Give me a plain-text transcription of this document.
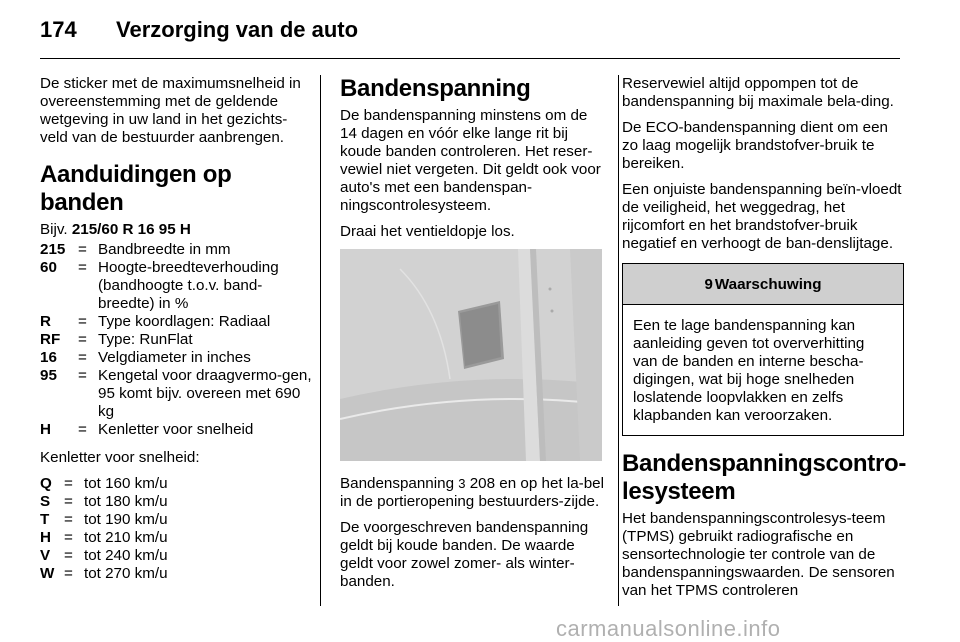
174 Verzorging van de auto

De sticker met de maximumsnelheid in overeenstemming met de geldende wetgeving in uw land in het gezichts-veld van de bestuurder aanbrengen.

Aanduidingen op banden
Bijv. 215/60 R 16 95 H
215 = Bandbreedte in mm
60	= Hoogte-breedteverhouding (bandhoogte t.o.v. band-breedte) in %
R	= Type koordlagen: Radiaal
RF	= Type: RunFlat
16	= Velgdiameter in inches
95	= Kengetal voor draagvermo-gen, 95 komt bijv. overeen met 690 kg
H	= Kenletter voor snelheid

Kenletter voor snelheid:

Q = tot 160 km/u
S = tot 180 km/u
T = tot 190 km/u
H = tot 210 km/u
V = tot 240 km/u
W = tot 270 km/u
Bandenspanning

De bandenspanning minstens om de 14 dagen en vóór elke lange rit bij koude banden controleren. Het reser-vewiel niet vergeten. Dit geldt ook voor auto's met een bandenspan-ningscontrolesysteem.

Draai het ventieldopje los.

Bandenspanning 3 208 en op het la-bel in de portieropening bestuurders-zijde.

De voorgeschreven bandenspanning geldt bij koude banden. De waarde geldt voor zowel zomer- als winter-banden.

Reservewiel altijd oppompen tot de bandenspanning bij maximale bela-ding.

De ECO-bandenspanning dient om een zo laag mogelijk brandstofver-bruik te bereiken.

Een onjuiste bandenspanning beïn-vloedt de veiligheid, het weggedrag, het rijcomfort en het brandstofver-bruik negatief en verhoogt de ban-denslijtage.

9 Waarschuwing
Een te lage bandenspanning kan aanleiding geven tot oververhitting van de banden en interne bescha-digingen, wat bij hoge snelheden loslatende loopvlakken en zelfs klapbanden kan veroorzaken.
Bandenspanningscontro-lesysteem

Het bandenspanningscontrolesys-teem (TPMS) gebruikt radiografische en sensortechnologie ter controle van de bandenspanningswaarden. De sensoren van het TPMS controleren

carmanualsonline.info
